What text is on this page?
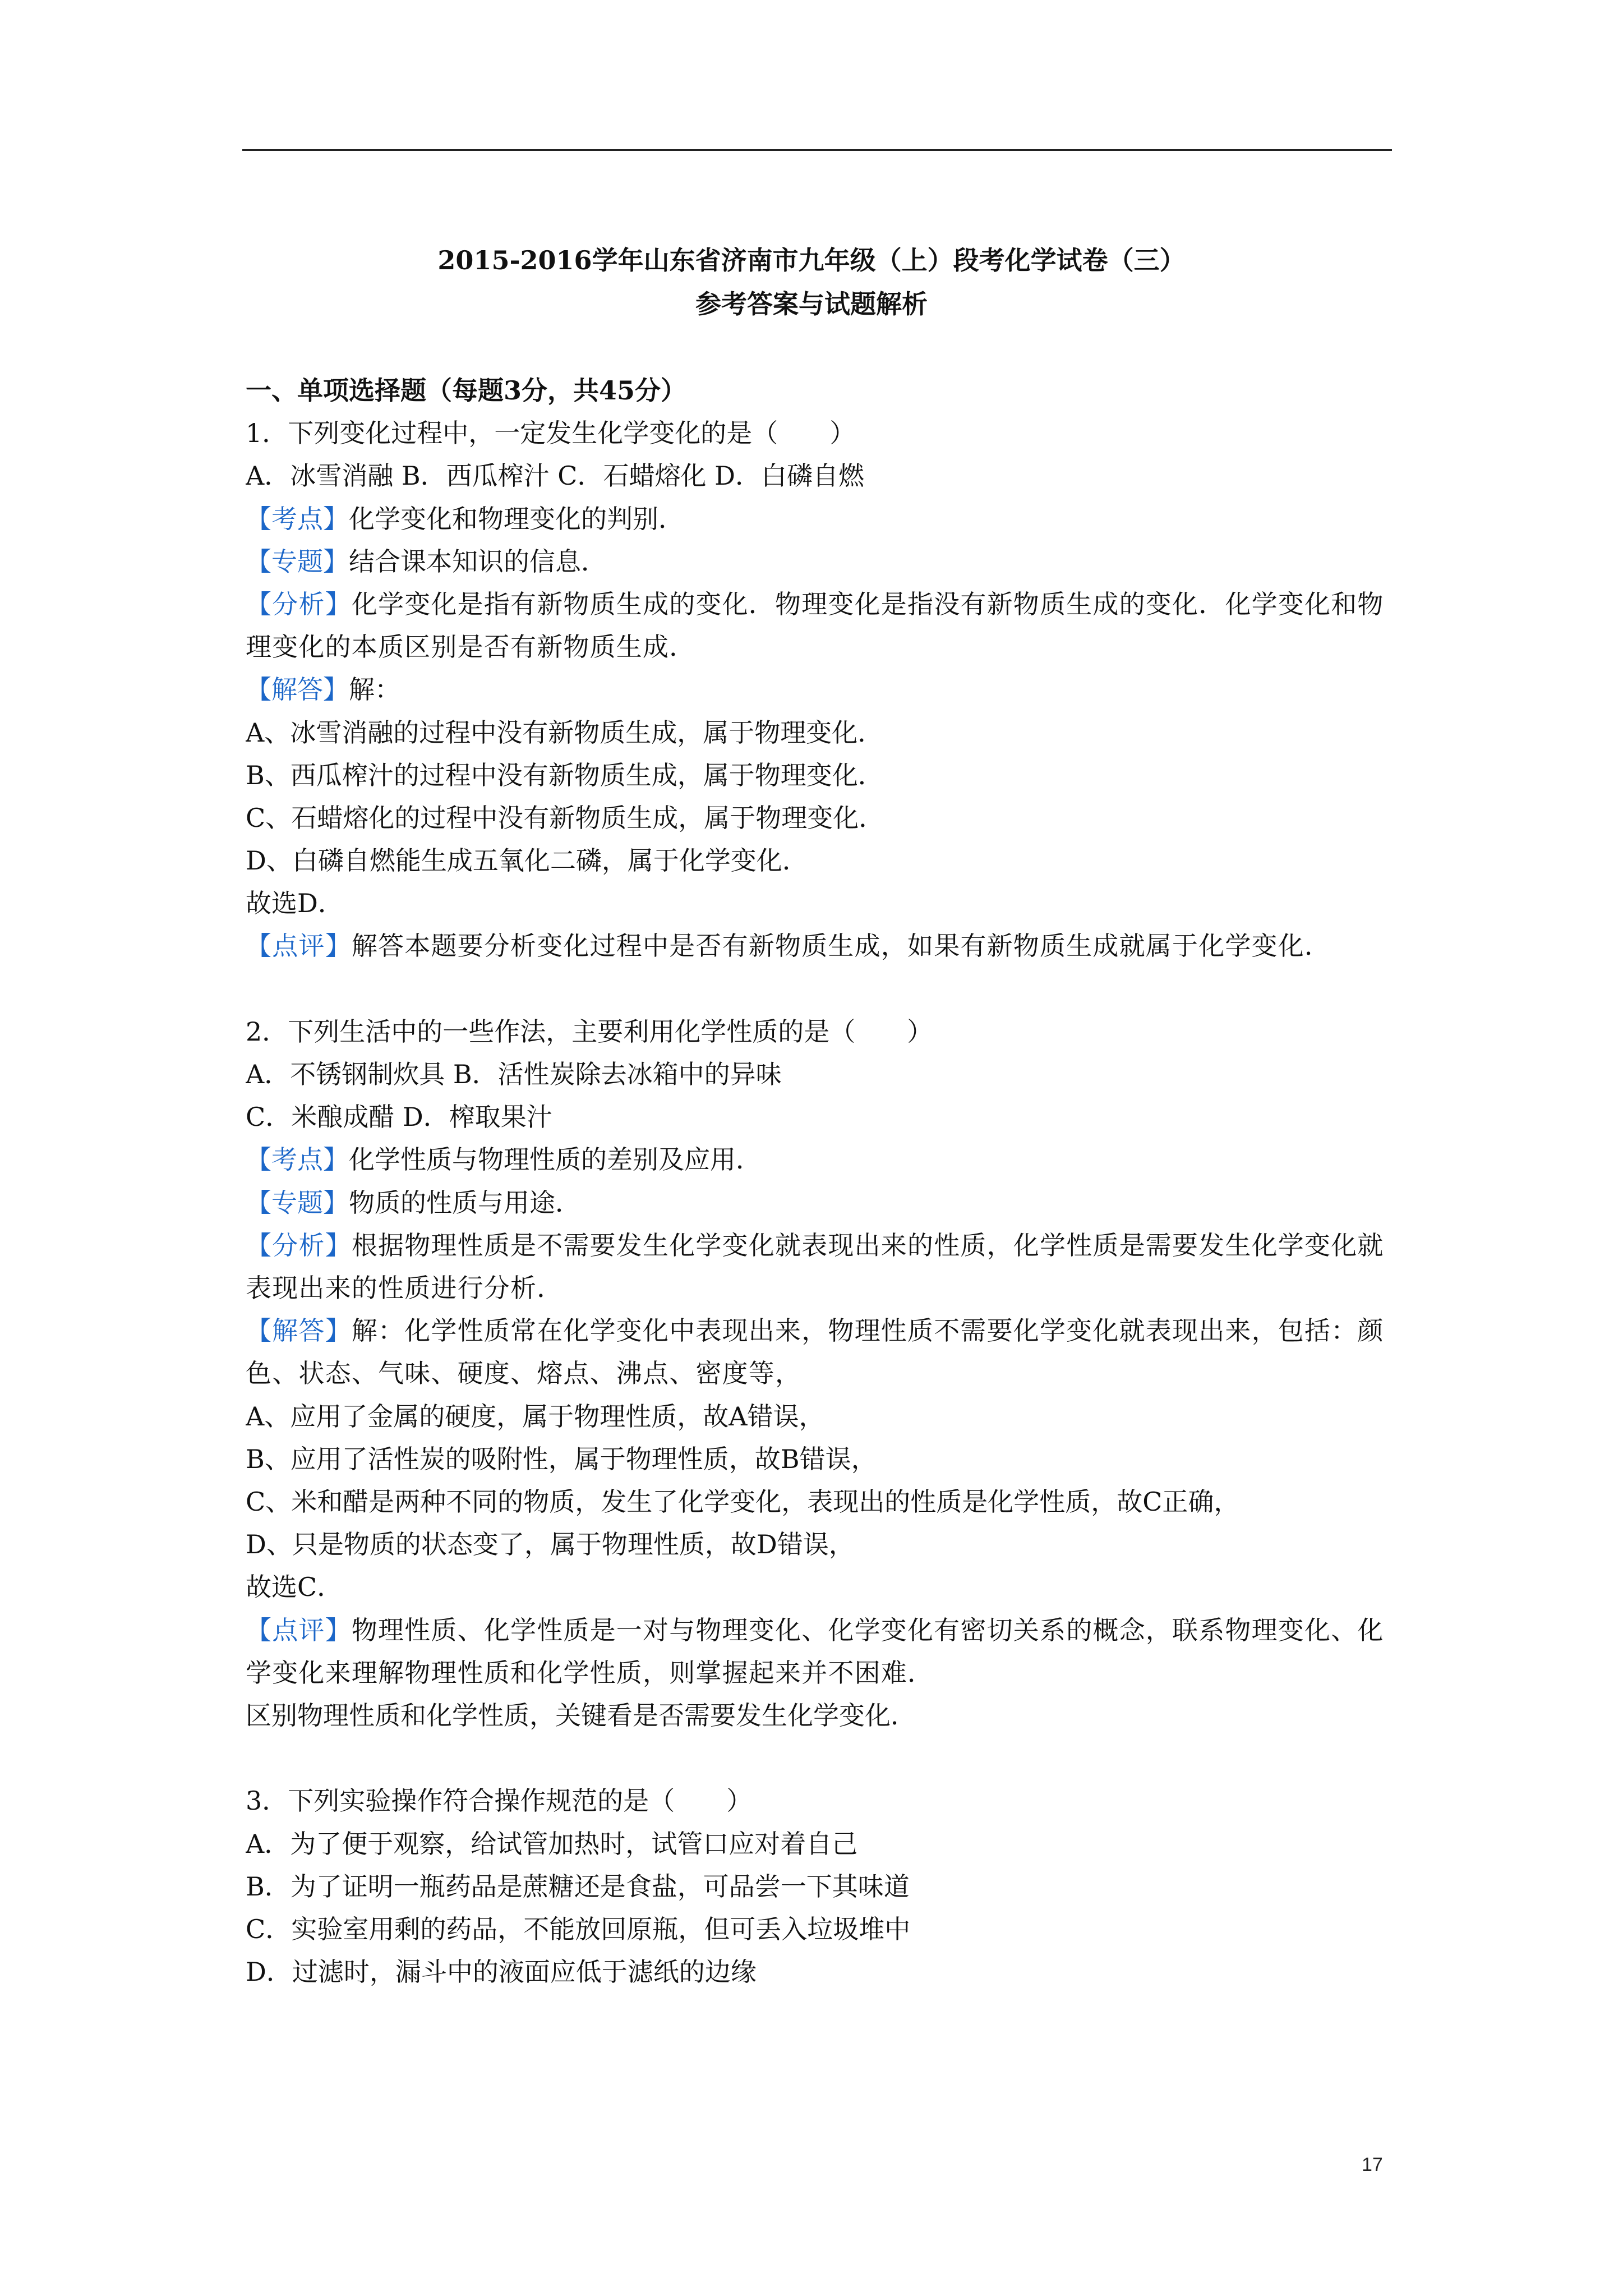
2015-2016学年山东省济南市九年级（上）段考化学试卷（三）
参考答案与试题解析
一、单项选择题（每题3分，共45分）
1．下列变化过程中，一定发生化学变化的是（　　）
A．冰雪消融 B．西瓜榨汁 C．石蜡熔化 D．白磷自燃
【考点】化学变化和物理变化的判别．
【专题】结合课本知识的信息．
【分析】化学变化是指有新物质生成的变化．物理变化是指没有新物质生成的变化．化学变化和物理变化的本质区别是否有新物质生成．
【解答】解：
A、冰雪消融的过程中没有新物质生成，属于物理变化．
B、西瓜榨汁的过程中没有新物质生成，属于物理变化．
C、石蜡熔化的过程中没有新物质生成，属于物理变化．
D、白磷自燃能生成五氧化二磷，属于化学变化．
故选D．
【点评】解答本题要分析变化过程中是否有新物质生成，如果有新物质生成就属于化学变化．
2．下列生活中的一些作法，主要利用化学性质的是（　　）
A．不锈钢制炊具 B．活性炭除去冰箱中的异味
C．米酿成醋 D．榨取果汁
【考点】化学性质与物理性质的差别及应用．
【专题】物质的性质与用途．
【分析】根据物理性质是不需要发生化学变化就表现出来的性质，化学性质是需要发生化学变化就表现出来的性质进行分析．
【解答】解：化学性质常在化学变化中表现出来，物理性质不需要化学变化就表现出来，包括：颜色、状态、气味、硬度、熔点、沸点、密度等，
A、应用了金属的硬度，属于物理性质，故A错误，
B、应用了活性炭的吸附性，属于物理性质，故B错误，
C、米和醋是两种不同的物质，发生了化学变化，表现出的性质是化学性质，故C正确，
D、只是物质的状态变了，属于物理性质，故D错误，
故选C．
【点评】物理性质、化学性质是一对与物理变化、化学变化有密切关系的概念，联系物理变化、化学变化来理解物理性质和化学性质，则掌握起来并不困难．
区别物理性质和化学性质，关键看是否需要发生化学变化．
3．下列实验操作符合操作规范的是（　　）
A．为了便于观察，给试管加热时，试管口应对着自己
B．为了证明一瓶药品是蔗糖还是食盐，可品尝一下其味道
C．实验室用剩的药品，不能放回原瓶，但可丢入垃圾堆中
D．过滤时，漏斗中的液面应低于滤纸的边缘
17
